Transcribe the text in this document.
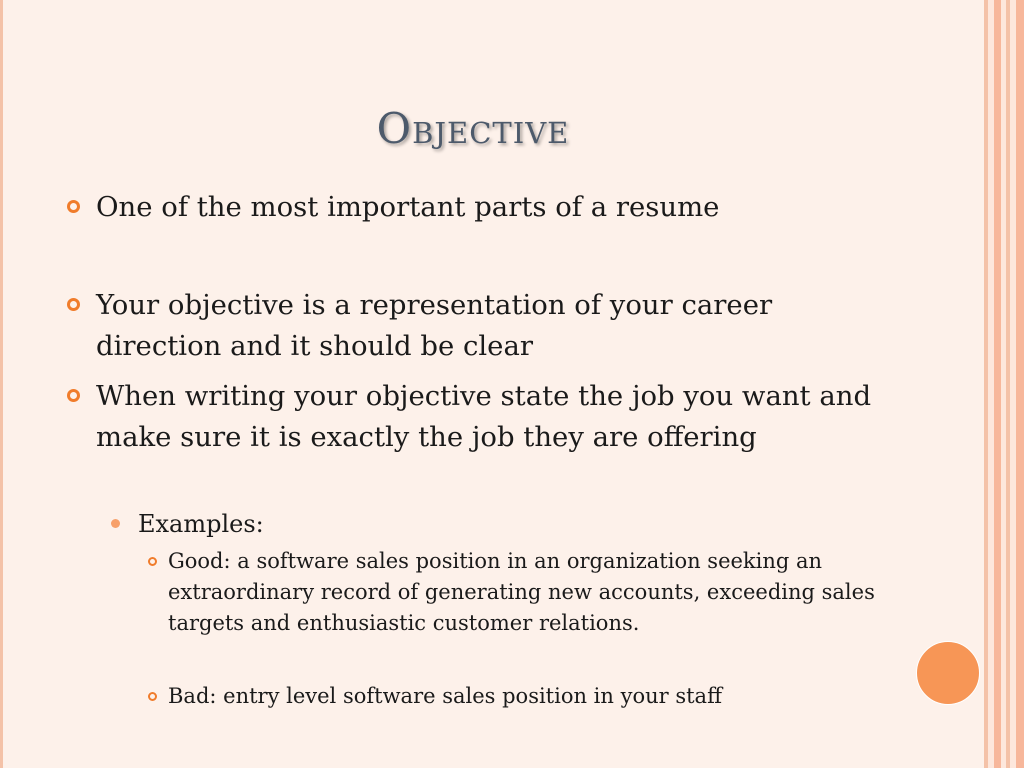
Objective
One of the most important parts of a resume
Your objective is a representation of your career direction and it should be clear
When writing your objective state the job you want and make sure it is exactly the job they are offering
Examples:
Good: a software sales position in an organization seeking an extraordinary record of generating new accounts, exceeding sales targets and enthusiastic customer relations.
Bad: entry level software sales position in your staff
